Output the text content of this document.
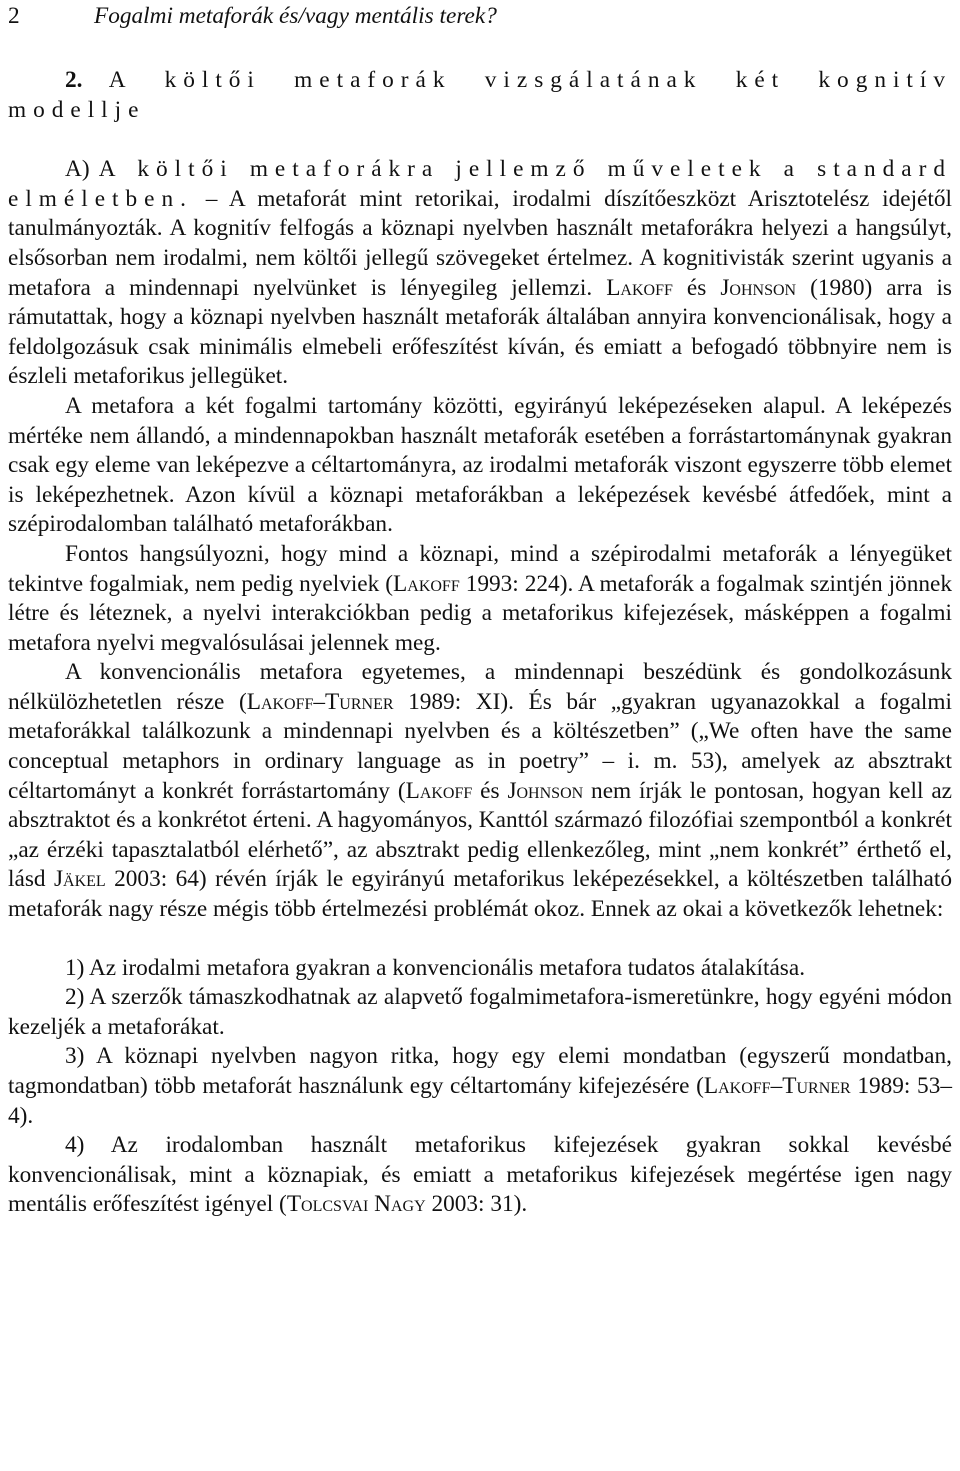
2	Fogalmi metaforák és/vagy mentális terek?

2. A költői metaforák vizsgálatának két kognitív modellje

A) A költői metaforákra jellemző műveletek a standard elméletben. – A metaforát mint retorikai, irodalmi díszítőeszközt Arisztotelész idejétől tanulmányozták. A kognitív felfogás a köznapi nyelvben használt metaforákra helyezi a hangsúlyt, elsősorban nem irodalmi, nem költői jellegű szövegeket értelmez. A kognitivisták szerint ugyanis a metafora a mindennapi nyelvünket is lényegileg jellemzi. Lakoff és Johnson (1980) arra is rámutattak, hogy a köznapi nyelvben használt metaforák általában annyira konvencionálisak, hogy a feldolgozásuk csak minimális elmebeli erőfeszítést kíván, és emiatt a befogadó többnyire nem is észleli metaforikus jellegüket.

A metafora a két fogalmi tartomány közötti, egyirányú leképezéseken alapul. A leképezés mértéke nem állandó, a mindennapokban használt metaforák esetében a forrástartománynak gyakran csak egy eleme van leképezve a céltartományra, az irodalmi metaforák viszont egyszerre több elemet is leképezhetnek. Azon kívül a köznapi metaforákban a leképezések kevésbé átfedőek, mint a szépirodalomban található metaforákban.

Fontos hangsúlyozni, hogy mind a köznapi, mind a szépirodalmi metaforák a lényegüket tekintve fogalmiak, nem pedig nyelviek (Lakoff 1993: 224). A metaforák a fogalmak szintjén jönnek létre és léteznek, a nyelvi interakciókban pedig a metaforikus kifejezések, másképpen a fogalmi metafora nyelvi megvalósulásai jelennek meg.

A konvencionális metafora egyetemes, a mindennapi beszédünk és gondolkozásunk nélkülözhetetlen része (Lakoff–Turner 1989: XI). És bár „gyakran ugyanazokkal a fogalmi metaforákkal találkozunk a mindennapi nyelvben és a költészetben” („We often have the same conceptual metaphors in ordinary language as in poetry” – i. m. 53), amelyek az absztrakt céltartományt a konkrét forrástartomány (Lakoff és Johnson nem írják le pontosan, hogyan kell az absztraktot és a konkrétot érteni. A hagyományos, Kanttól származó filozófiai szempontból a konkrét „az érzéki tapasztalatból elérhető”, az absztrakt pedig ellenkezőleg, mint „nem konkrét” érthető el, lásd Jäkel 2003: 64) révén írják le egyirányú metaforikus leképezésekkel, a költészetben található metaforák nagy része mégis több értelmezési problémát okoz. Ennek az okai a következők lehetnek:

1) Az irodalmi metafora gyakran a konvencionális metafora tudatos átalakítása.

2) A szerzők támaszkodhatnak az alapvető fogalmimetafora-ismeretünkre, hogy egyéni módon kezeljék a metaforákat.

3) A köznapi nyelvben nagyon ritka, hogy egy elemi mondatban (egyszerű mondatban, tagmondatban) több metaforát használunk egy céltartomány kifejezésére (Lakoff–Turner 1989: 53–4).

4) Az irodalomban használt metaforikus kifejezések gyakran sokkal kevésbé konvencionálisak, mint a köznapiak, és emiatt a metaforikus kifejezések megértése igen nagy mentális erőfeszítést igényel (Tolcsvai Nagy 2003: 31).
